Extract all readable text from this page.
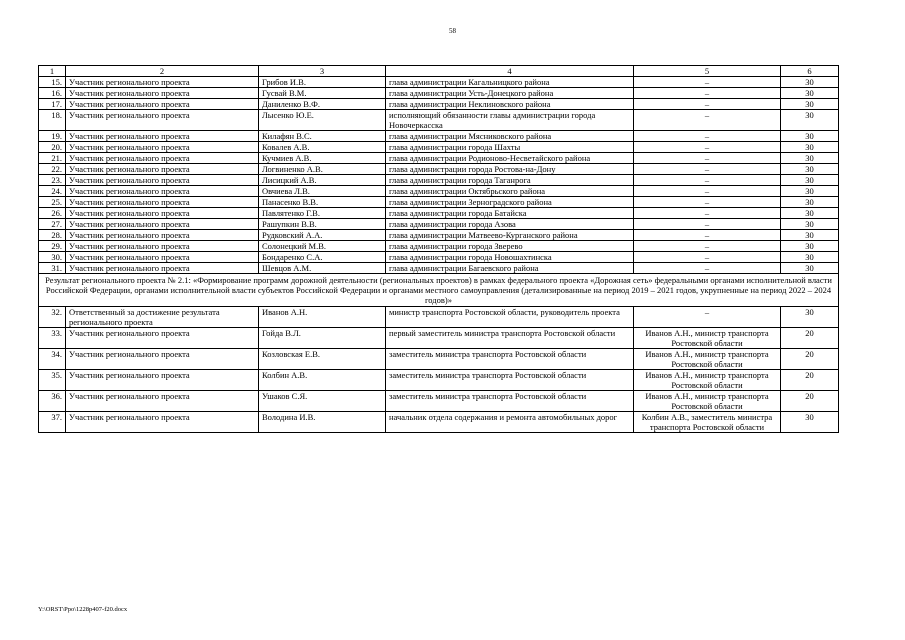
58
1	2	3	4	5	6
15.	Участник регионального проекта	Грибов И.В.	глава администрации Кагальницкого района	–	30
16.	Участник регионального проекта	Гусвай В.М.	глава администрации Усть-Донецкого района	–	30
17.	Участник регионального проекта	Даниленко В.Ф.	глава администрации Неклиновского района	–	30
18.	Участник регионального проекта	Лысенко Ю.Е.	исполняющий обязанности главы администрации города Новочеркасска	–	30
19.	Участник регионального проекта	Килафян В.С.	глава администрации Мясниковского района	–	30
20.	Участник регионального проекта	Ковалев А.В.	глава администрации города Шахты	–	30
21.	Участник регионального проекта	Кучмиев А.В.	глава администрации Родионово-Несветайского района	–	30
22.	Участник регионального проекта	Логвиненко А.В.	глава администрации города Ростова-на-Дону	–	30
23.	Участник регионального проекта	Лисицкий А.В.	глава администрации города Таганрога	–	30
24.	Участник регионального проекта	Овчиева Л.В.	глава администрации Октябрьского района	–	30
25.	Участник регионального проекта	Панасенко В.В.	глава администрации Зерноградского района	–	30
26.	Участник регионального проекта	Павлятенко Г.В.	глава администрации города Батайска	–	30
27.	Участник регионального проекта	Рашупкин В.В.	глава администрации города Азова	–	30
28.	Участник регионального проекта	Рудковский А.А.	глава администрации Матвеево-Курганского района	–	30
29.	Участник регионального проекта	Солонецкий М.В.	глава администрации города Зверево	–	30
30.	Участник регионального проекта	Бондаренко С.А.	глава администрации города Новошахтинска	–	30
31.	Участник регионального проекта	Шевцов А.М.	глава администрации Багаевского района	–	30
Результат регионального проекта № 2.1: «Формирование программ дорожной деятельности (региональных проектов) в рамках федерального проекта «Дорожная сеть» федеральными органами исполнительной власти Российской Федерации, органами исполнительной власти субъектов Российской Федерации и органами местного самоуправления (детализированные на период 2019 – 2021 годов, укрупненные на период 2022 – 2024 годов)»					
32.	Ответственный за достижение результата регионального проекта	Иванов А.Н.	министр транспорта Ростовской области, руководитель проекта	–	30
33.	Участник регионального проекта	Гойда В.Л.	первый заместитель министра транспорта Ростовской области	Иванов А.Н., министр транспорта Ростовской области	20
34.	Участник регионального проекта	Козловская Е.В.	заместитель министра транспорта Ростовской области	Иванов А.Н., министр транспорта Ростовской области	20
35.	Участник регионального проекта	Колбин А.В.	заместитель министра транспорта Ростовской области	Иванов А.Н., министр транспорта Ростовской области	20
36.	Участник регионального проекта	Ушаков С.Я.	заместитель министра транспорта Ростовской области	Иванов А.Н., министр транспорта Ростовской области	20
37.	Участник регионального проекта	Володина И.В.	начальник отдела содержания и ремонта автомобильных дорог	Колбин А.В., заместитель министра транспорта Ростовской области	30
Y:\ORST\Ppo\1228p407-f20.docx
